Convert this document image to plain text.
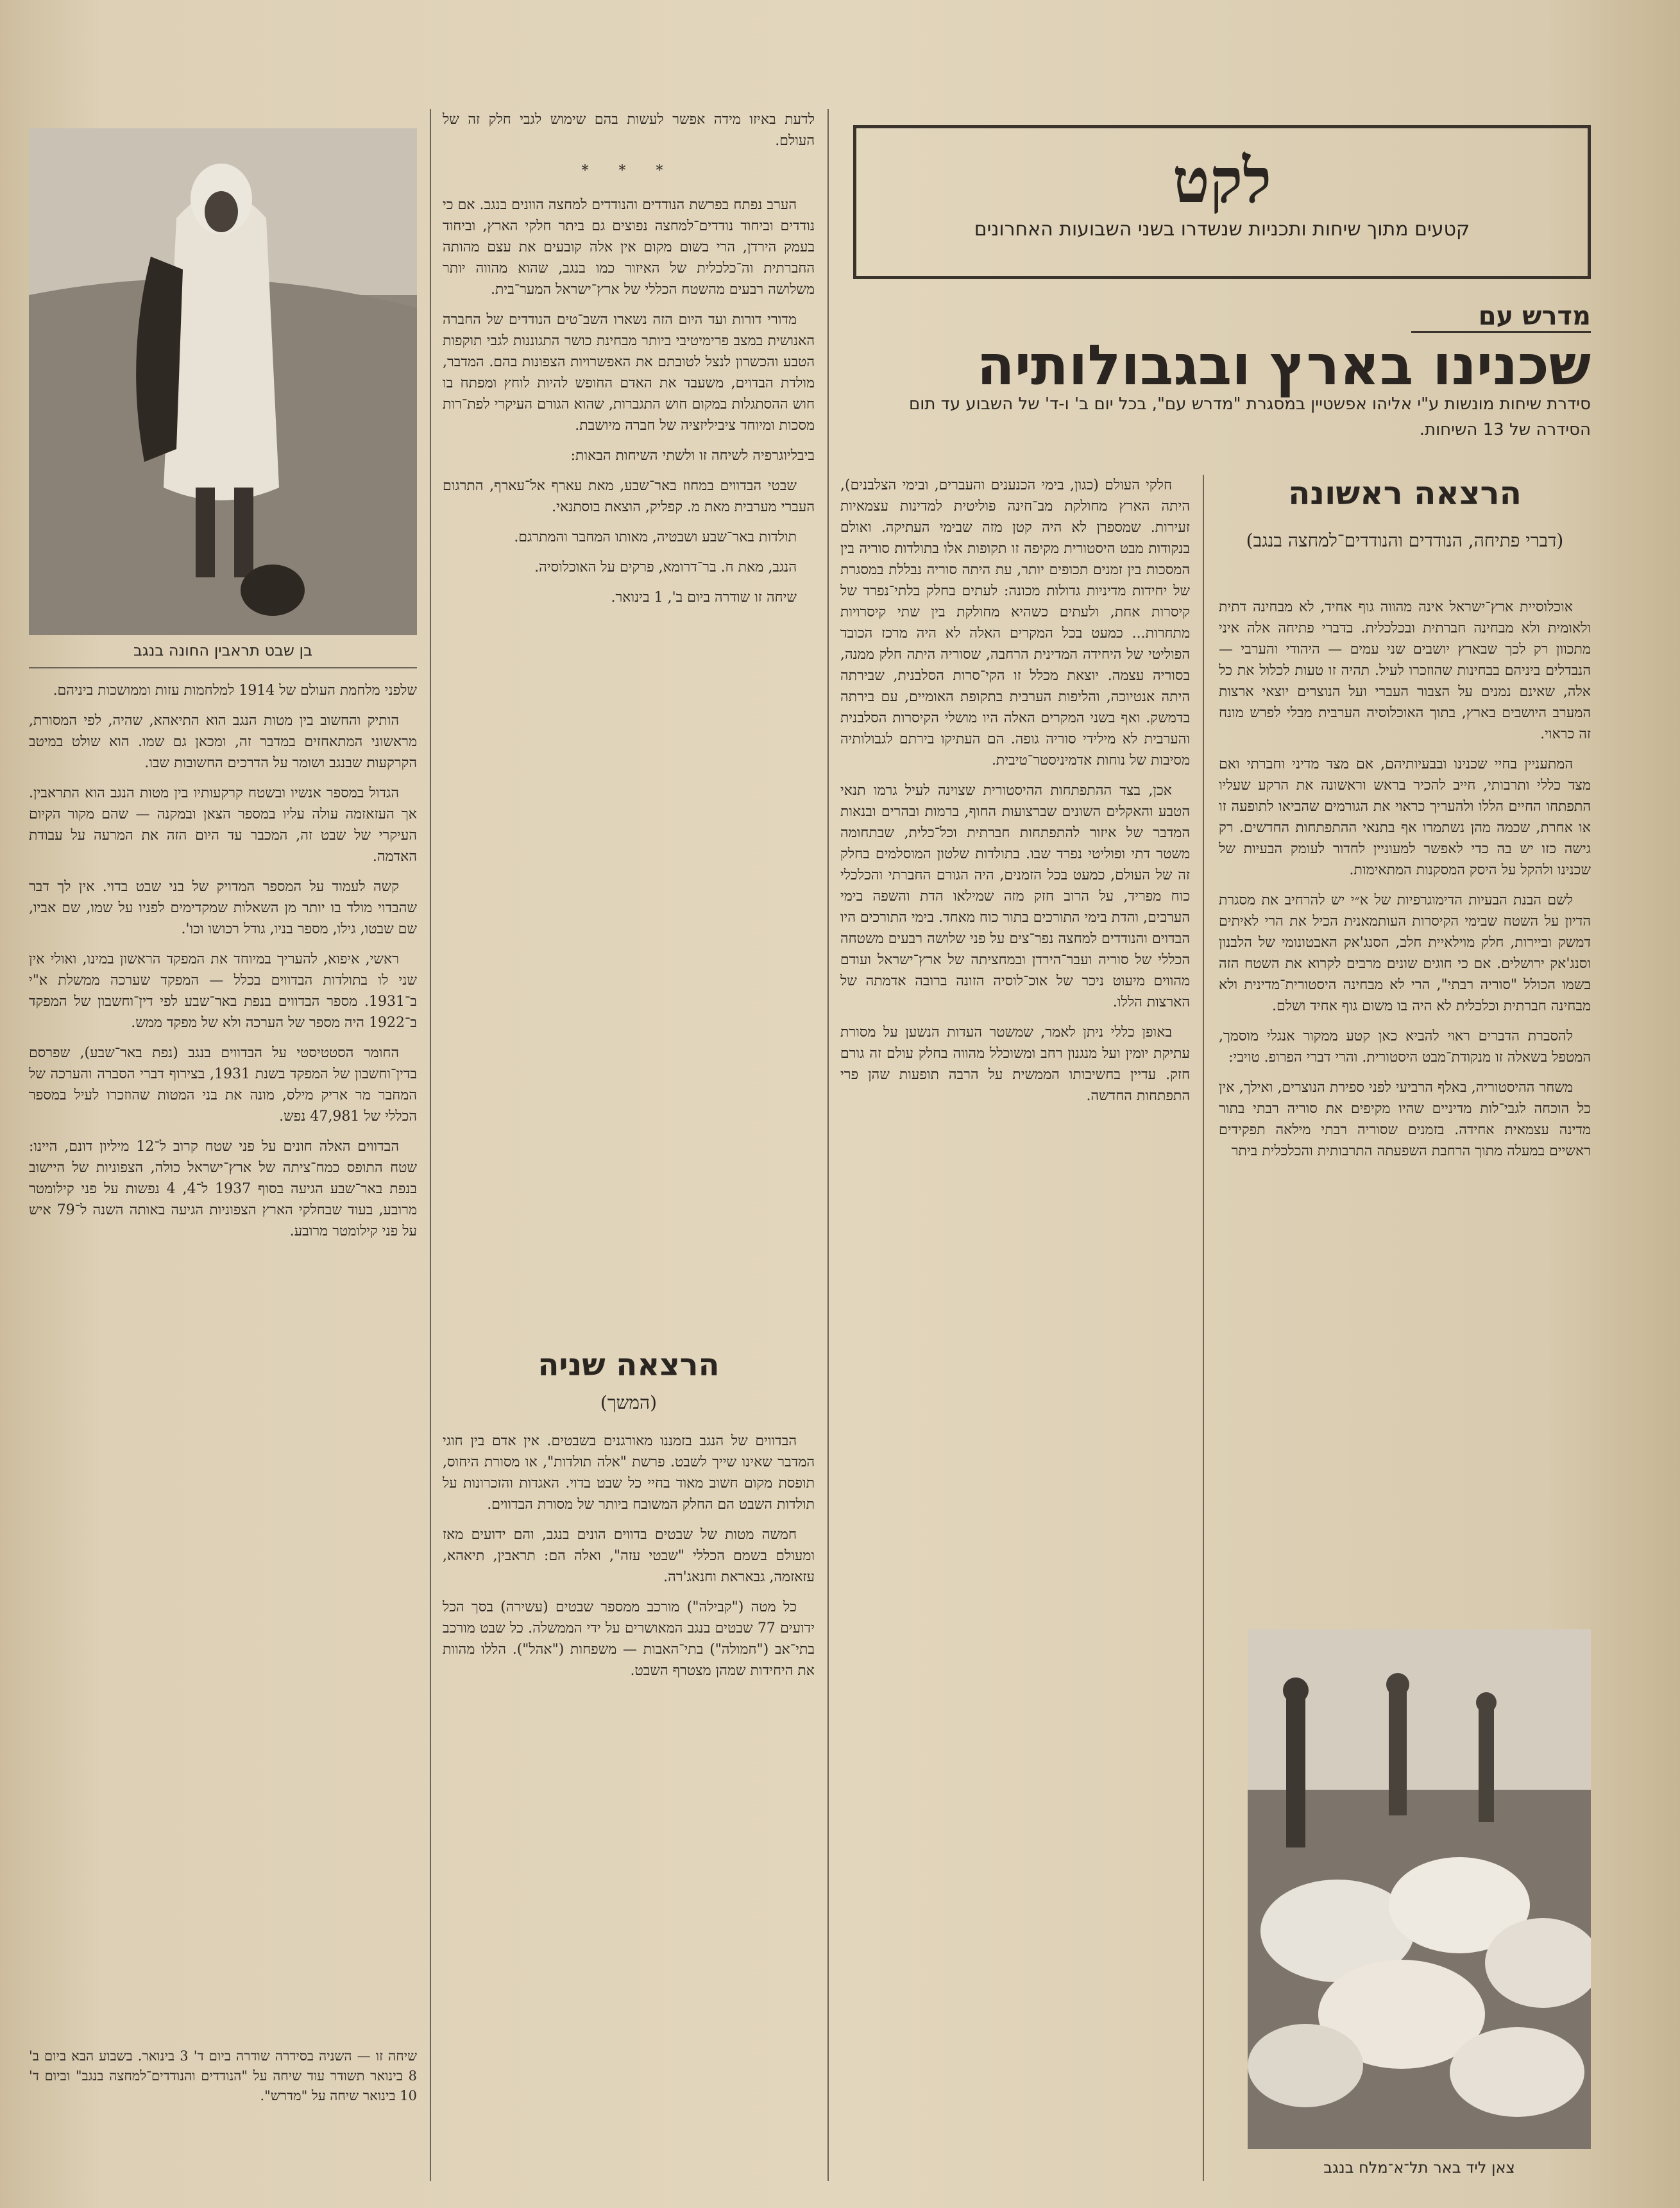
לקט
קטעים מתוך שיחות ותכניות שנשדרו בשני השבועות האחרונים
מדרש עם
שכנינו בארץ ובגבולותיה
סידרת שיחות מונשות ע"י אליהו אפשטיין במסגרת "מדרש עם", בכל יום ב' ו-ד' של השבוע עד תום הסידרה של 13 השיחות.
הרצאה ראשונה
(דברי פתיחה, הנודדים והנודדים־למחצה בנגב)

אוכלוסיית ארץ־ישראל אינה מהווה גוף אחיד, לא מבחינה דתית ולאומית ולא מבחינה חברתית ובכלכלית. בדברי פתיחה אלה איני מתכוון רק לכך שבארץ יושבים שני עמים — היהודי והערבי — הנבדלים ביניהם בבחינות שהוזכרו לעיל. תהיה זו טעות לכלול את כל אלה, שאינם נמנים על הצבור העברי ועל הנוצרים יוצאי ארצות המערב היושבים בארץ, בתוך האוכלוסיה הערבית מבלי לפרש מונח זה כראוי.

המתעניין בחיי שכנינו ובבעיותיהם, אם מצד מדיני וחברתי ואם מצד כללי ותרבותי, חייב להכיר בראש וראשונה את הרקע שעליו התפתחו החיים הללו ולהעריך כראוי את הגורמים שהביאו לתופעה זו או אחרת, שכמה מהן נשתמרו אף בתנאי ההתפתחות החדשים. רק גישה כזו יש בה כדי לאפשר למעוניין לחדור לעומק הבעיות של שכנינו ולהקל על היסק המסקנות המתאימות.

לשם הבנת הבעיות הדימוגרפיות של א״י יש להרחיב את מסגרת הדיון על השטח שבימי הקיסרות העותמאנית הכיל את הרי לאיתים דמשק וביירות, חלק מוילאיית חלב, הסנג'אק האבטונומי של הלבנון וסנג'אק ירושלים. אם כי חוגים שונים מרבים לקרוא את השטח הזה בשמו הכולל "סוריה רבתי", הרי לא מבחינה היסטורית־מדינית ולא מבחינה חברתית וכלכלית לא היה בו משום גוף אחיד ושלם.

להסברת הדברים ראוי להביא כאן קטע ממקור אנגלי מוסמך, המטפל בשאלה זו מנקודת־מבט היסטורית. והרי דברי הפרופ. טויבי:

משחר ההיסטוריה, באלף הרביעי לפני ספירת הנוצרים, ואילך, אין כל הוכחה לגבי־לות מדיניים שהיו מקיפים את סוריה רבתי בתור מדינה עצמאית אחידה. בזמנים שסוריה רבתי מילאה תפקידים ראשיים במעלה מתוך הרחבת השפעתה התרבותית והכלכלית ביתר

צאן ליד באר תל־א־מלח בנגב

חלקי העולם (כגון, בימי הכנענים והעברים, ובימי הצלבנים), היתה הארץ מחולקת מב־חינה פוליטית למדינות עצמאיות זעירות. שמספרן לא היה קטן מזה שבימי העתיקה. ואולם בנקודות מבט היסטורית מקיפה זו תקופות אלו בתולדות סוריה בין המסכות בין זמנים תכופים יותר, עת היתה סוריה נבללת במסגרת של יחידות מדיניות גדולות מכונה: לעתים בחלק בלתי־נפרד של קיסרות אחת, ולעתים כשהיא מחולקת בין שתי קיסרויות מתחרות... כמעט בכל המקרים האלה לא היה מרכז הכובד הפוליטי של היחידה המדינית הרחבה, שסוריה היתה חלק ממנה, בסוריה עצמה. יוצאת מכלל זו הקי־סרות הסלבנית, שבירתה היתה אנטיוכה, והליפות הערבית בתקופת האומיים, עם בירתה בדמשק. ואף בשני המקרים האלה היו מושלי הקיסרות הסלבנית והערבית לא מילידי סוריה גופה. הם העתיקו בירתם לגבולותיה מסיבות של נוחות אדמיניסטר־טיבית.

אכן, בצד ההתפתחות ההיסטורית שצוינה לעיל גרמו תנאי הטבע והאקלים השונים שברצועות החוף, ברמות ובהרים ובנאות המדבר של איזור להתפתחות חברתית וכל־כלית, שבתחומה משטר דתי ופוליטי נפרד שבו. בתולדות שלטון המוסלמים בחלק זה של העולם, כמעט בכל הזמנים, היה הגורם החברתי והכלכלי כוח מפריד, על הרוב חזק מזה שמילאו הדת והשפה בימי הערבים, והדת בימי התורכים בתור כוח מאחד. בימי התורכים היו הבדוים והנודדים למחצה נפר־צים על פני שלושה רבעים משטחה הכללי של סוריה ועבר־הירדן ובמחציתה של ארץ־ישראל ועודם מהווים מיעוט ניכר של אוכ־לוסיה הזונה ברובה אדמתה של הארצות הללו.

באופן כללי ניתן לאמר, שמשטר העדות הנשען על מסורת עתיקת יומין ועל מנגנון רחב ומשוכלל מהווה בחלק עולם זה גורם חזק. עדיין בחשיבותו הממשית על הרבה תופעות שהן פרי התפתחות החדשה.

לדעת באיזו מידה אפשר לעשות בהם שימוש לגבי חלק זה של העולם.

* * *

הערב נפתח בפרשת הנודדים והנודדים למחצה הוונים בנגב. אם כי נודדים וביחוד נודדים־למחצה נפוצים גם ביתר חלקי הארץ, וביחוד בעמק הירדן, הרי בשום מקום אין אלה קובעים את עצם מהותה החברתית וה־כלכלית של האיזור כמו בנגב, שהוא מהווה יותר משלושה רבעים מהשטח הכללי של ארץ־ישראל המער־בית.

מדורי דורות ועד היום הזה נשארו השב־טים הנודדים של החברה האנושית במצב פרימיטיבי ביותר מבחינת כושר התגוננות לגבי תוקפות הטבע והכשרון לנצל לטובתם את האפשרויות הצפונות בהם. המדבר, מולדת הבדוים, משעבד את האדם החופש להיות לוחץ ומפתח בו חוש ההסתגלות במקום חוש התגברות, שהוא הגורם העיקרי לפת־רות מסכות ומיוחד ציביליזציה של חברה מיושבת.

ביבליוגרפיה לשיחה זו ולשתי השיחות הבאות:

שבטי הבדווים במחוז באר־שבע, מאת עארף אל־עארף, התרגום העברי מערבית מאת מ. קפליק, הוצאת בוסתנאי.

תולדות באר־שבע ושבטיה, מאותו המחבר והמתרגם.

הנגב, מאת ח. בר־דרומא, פרקים על האוכלוסיה.

שיחה זו שודרה ביום ב', 1 בינואר.

הרצאה שניה
(המשך)

הבדווים של הנגב בזמננו מאורגנים בשבטים. אין אדם בין חוגי המדבר שאינו שייך לשבט. פרשת "אלה תולדות", או מסורת היחוס, תופסת מקום חשוב מאוד בחיי כל שבט בדוי. האגדות והזכרונות על תולדות השבט הם החלק המשובח ביותר של מסורת הבדווים.

חמשה מטות של שבטים בדווים הונים בנגב, והם ידועים מאז ומעולם בשמם הכללי "שבטי עזה", ואלה הם: תראבין, תיאהא, עזאזמה, גבאראת וחנאג'רה.

כל מטה ("קבילה") מורכב ממספר שבטים (עשירה) בסך הכל ידועים 77 שבטים בנגב המאושרים על ידי הממשלה. כל שבט מורכב בתי־אב ("חמולה") בתי־האבות — משפחות ("אהל"). הללו מהוות את היחידות שמהן מצטרף השבט.

בן שבט תראבין החונה בנגב

שלפני מלחמת העולם של 1914 למלחמות עזות וממושכות ביניהם.

הותיק והחשוב בין מטות הנגב הוא התיאהא, שהיה, לפי המסורת, מראשוני המתאחזים במדבר זה, ומכאן גם שמו. הוא שולט במיטב הקרקעות שבנגב ושומר על הדרכים החשובות שבו.

הגדול במספר אנשיו ובשטח קרקעותיו בין מטות הנגב הוא התראבין. אך העזאזמה עולה עליו במספר הצאן ובמקנה — שהם מקור הקיום העיקרי של שבט זה, המכבר עד היום הזה את המרעה על עבודת האדמה.

קשה לעמוד על המספר המדויק של בני שבט בדוי. אין לך דבר שהבדוי מולד בו יותר מן השאלות שמקדימים לפניו על שמו, שם אביו, שם שבטו, גילו, מספר בניו, גודל רכושו וכו'.

ראשי, איפוא, להעריך במיוחד את המפקד הראשון במינו, ואולי אין שני לו בתולדות הבדווים בכלל — המפקד שערכה ממשלת א"י ב־1931. מספר הבדווים בנפת באר־שבע לפי דין־וחשבון של המפקד ב־1922 היה מספר של הערכה ולא של מפקד ממש.

החומר הסטטיסטי על הבדווים בנגב (נפת באר־שבע), שפרסם בדין־וחשבון של המפקד בשנת 1931, בצירוף דברי הסברה והערכה של המחבר מר אריק מילס, מונה את בני המטות שהוזכרו לעיל במספר הכללי של 47,981 נפש.

הבדווים האלה חונים על פני שטח קרוב ל־12 מיליון דונם, היינו: שטח התופס כמח־ציתה של ארץ־ישראל כולה, הצפוניות של היישוב בנפת באר־שבע הגיעה בסוף 1937 ל־4, 4 נפשות על פני קילומטר מרובע, בעוד שבחלקי הארץ הצפוניות הגיעה באותה השנה ל־79 איש על פני קילומטר מרובע.

שיחה זו — השניה בסידרה שודרה ביום ד' 3 בינואר. בשבוע הבא ביום ב' 8 בינואר תשודר עוד שיחה על "הנודדים והנודדים־למחצה בנגב" וביום ד' 10 בינואר שיחה על "מדרש".
